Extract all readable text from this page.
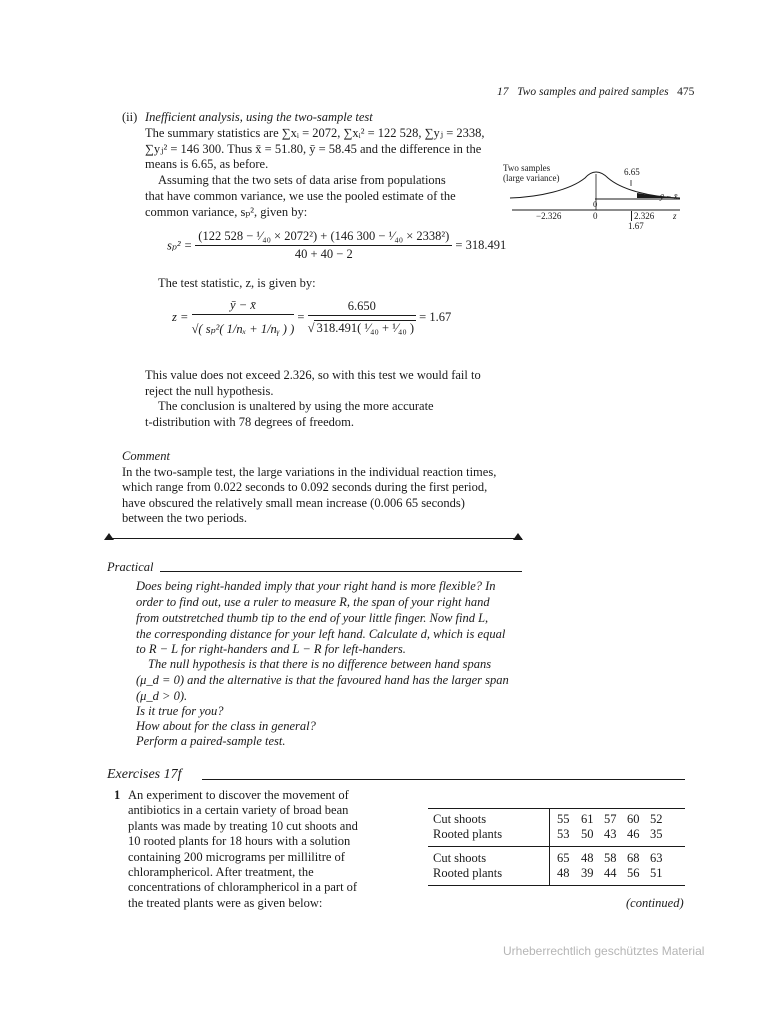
17 Two samples and paired samples 475
(ii) Inefficient analysis, using the two-sample test
The summary statistics are ∑xᵢ = 2072, ∑xᵢ² = 122 528, ∑yⱼ = 2338,
∑yⱼ² = 146 300. Thus x̄ = 51.80, ȳ = 58.45 and the difference in the
means is 6.65, as before.
Assuming that the two sets of data arise from populations
that have common variance, we use the pooled estimate of the
common variance, sₚ², given by:
Two samples
(large variance)
6.65
0
ȳ − x̄
−2.326	0	2.326 z
1.67
$s_p^2 = \frac{\text{(122 528 − ¹⁄₄₀ × 2072²) + (146 300 − ¹⁄₄₀ × 2338²)}}{40 + 40 - 2} = 318.491$
The test statistic, z, is given by:
$z = \frac{ȳ - x̄}{\text{√( sₚ²( 1/nₓ + 1/nᵧ ) )}} = \frac{6.650}{\text{√ 318.491( ¹⁄₄₀ + ¹⁄₄₀ )}} = 1.67$
This value does not exceed 2.326, so with this test we would fail to
reject the null hypothesis.
The conclusion is unaltered by using the more accurate
t-distribution with 78 degrees of freedom.
Comment
In the two-sample test, the large variations in the individual reaction times,
which range from 0.022 seconds to 0.092 seconds during the first period,
have obscured the relatively small mean increase (0.006 65 seconds)
between the two periods.
Practical
Does being right-handed imply that your right hand is more flexible? In
order to find out, use a ruler to measure R, the span of your right hand
from outstretched thumb tip to the end of your little finger. Now find L,
the corresponding distance for your left hand. Calculate d, which is equal
to R − L for right-handers and L − R for left-handers.
The null hypothesis is that there is no difference between hand spans
(μ_d = 0) and the alternative is that the favoured hand has the larger span
(μ_d > 0).
Is it true for you?
How about for the class in general?
Perform a paired-sample test.
Exercises 17f
1 An experiment to discover the movement of
antibiotics in a certain variety of broad bean
plants was made by treating 10 cut shoots and
10 rooted plants for 18 hours with a solution
containing 200 micrograms per millilitre of
chloramphericol. After treatment, the
concentrations of chloramphericol in a part of
the treated plants were as given below:
Cut shoots
Rooted plants
Cut shoots
Rooted plants
55 61 57 60 52
53 50 43 46 35
65 48 58 68 63
48 39 44 56 51
(continued)
Urheberrechtlich geschütztes Material
